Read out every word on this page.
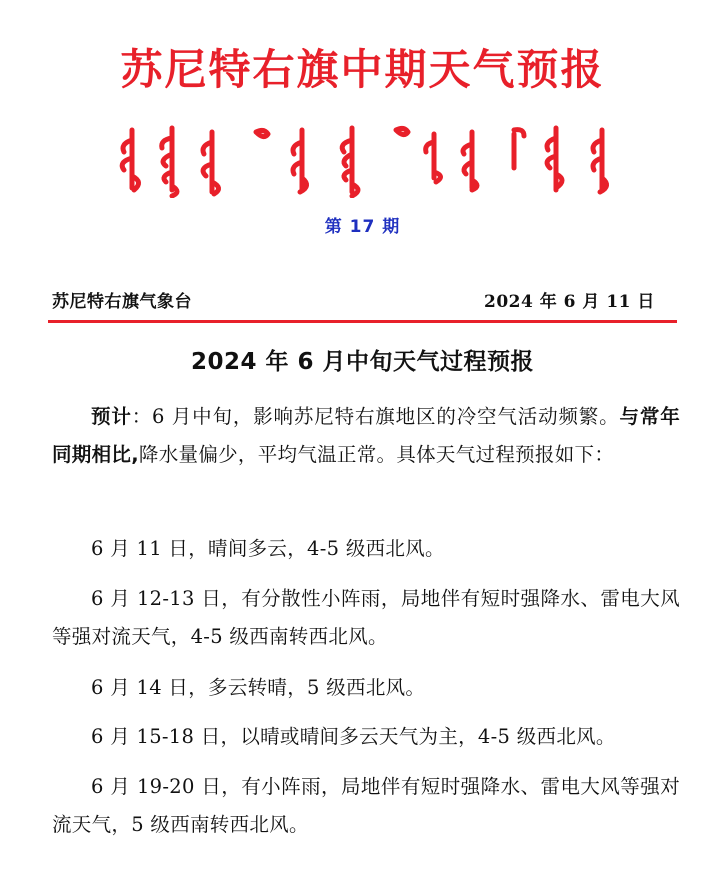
苏尼特右旗中期天气预报
第 17 期
苏尼特右旗气象台	2024 年 6 月 11 日
2024 年 6 月中旬天气过程预报
预计：6 月中旬，影响苏尼特右旗地区的冷空气活动频繁。与常年同期相比,降水量偏少，平均气温正常。具体天气过程预报如下：
6 月 11 日，晴间多云，4-5 级西北风。
6 月 12-13 日，有分散性小阵雨，局地伴有短时强降水、雷电大风等强对流天气，4-5 级西南转西北风。
6 月 14 日，多云转晴，5 级西北风。
6 月 15-18 日，以晴或晴间多云天气为主，4-5 级西北风。
6 月 19-20 日，有小阵雨，局地伴有短时强降水、雷电大风等强对流天气，5 级西南转西北风。
